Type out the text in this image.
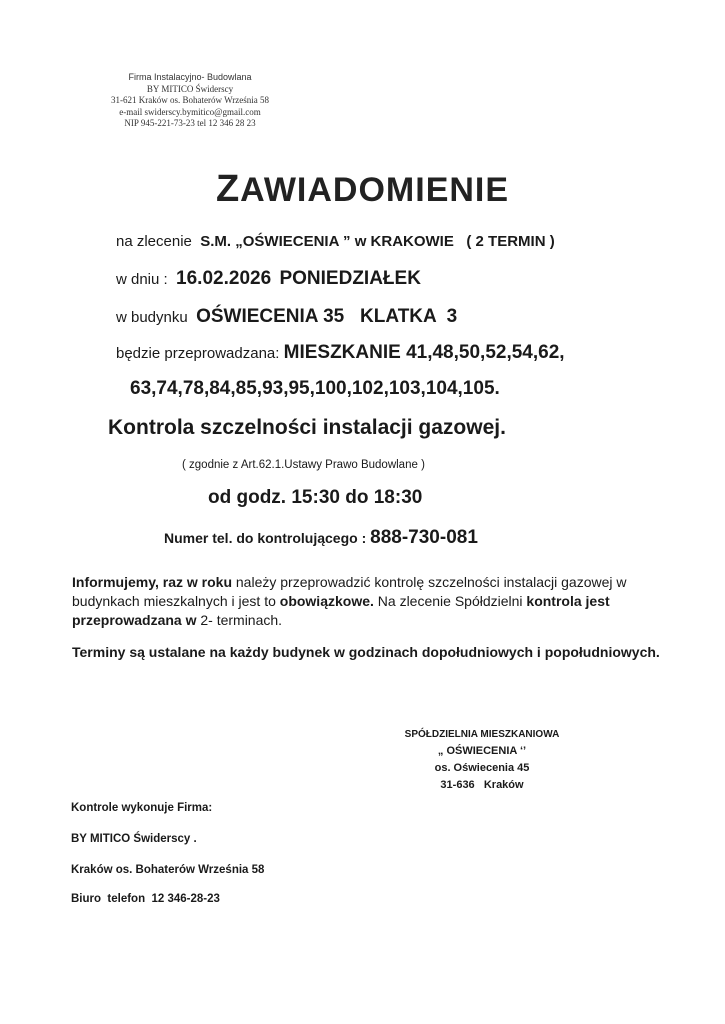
Firma Instalacyjno- Budowlana
BY MITICO Świderscy
31-621 Kraków os. Bohaterów Września 58
e-mail swiderscy.bymitico@gmail.com
NIP 945-221-73-23 tel 12 346 28 23
ZAWIADOMIENIE
na zlecenie S.M. „OŚWIECENIA ” w KRAKOWIE ( 2 TERMIN )
w dniu : 16.02.2026 PONIEDZIAŁEK
w budynku OŚWIECENIA 35   KLATKA  3
będzie przeprowadzana: MIESZKANIE 41,48,50,52,54,62,
63,74,78,84,85,93,95,100,102,103,104,105.
Kontrola szczelności instalacji gazowej.
( zgodnie z Art.62.1.Ustawy Prawo Budowlane )
od godz. 15:30 do 18:30
Numer tel. do kontrolującego : 888-730-081
Informujemy, raz w roku należy przeprowadzić kontrolę szczelności instalacji gazowej w budynkach mieszkalnych i jest to obowiązkowe. Na zlecenie Spółdzielni kontrola jest przeprowadzana w 2- terminach.
Terminy są ustalane na każdy budynek w godzinach dopołudniowych i popołudniowych.
SPÓŁDZIELNIA MIESZKANIOWA
„ OŚWIECENIA ‘’
os. Oświecenia 45
31-636   Kraków
Kontrole wykonuje Firma:
BY MITICO Świderscy .
Kraków os. Bohaterów Września 58
Biuro  telefon  12 346-28-23
